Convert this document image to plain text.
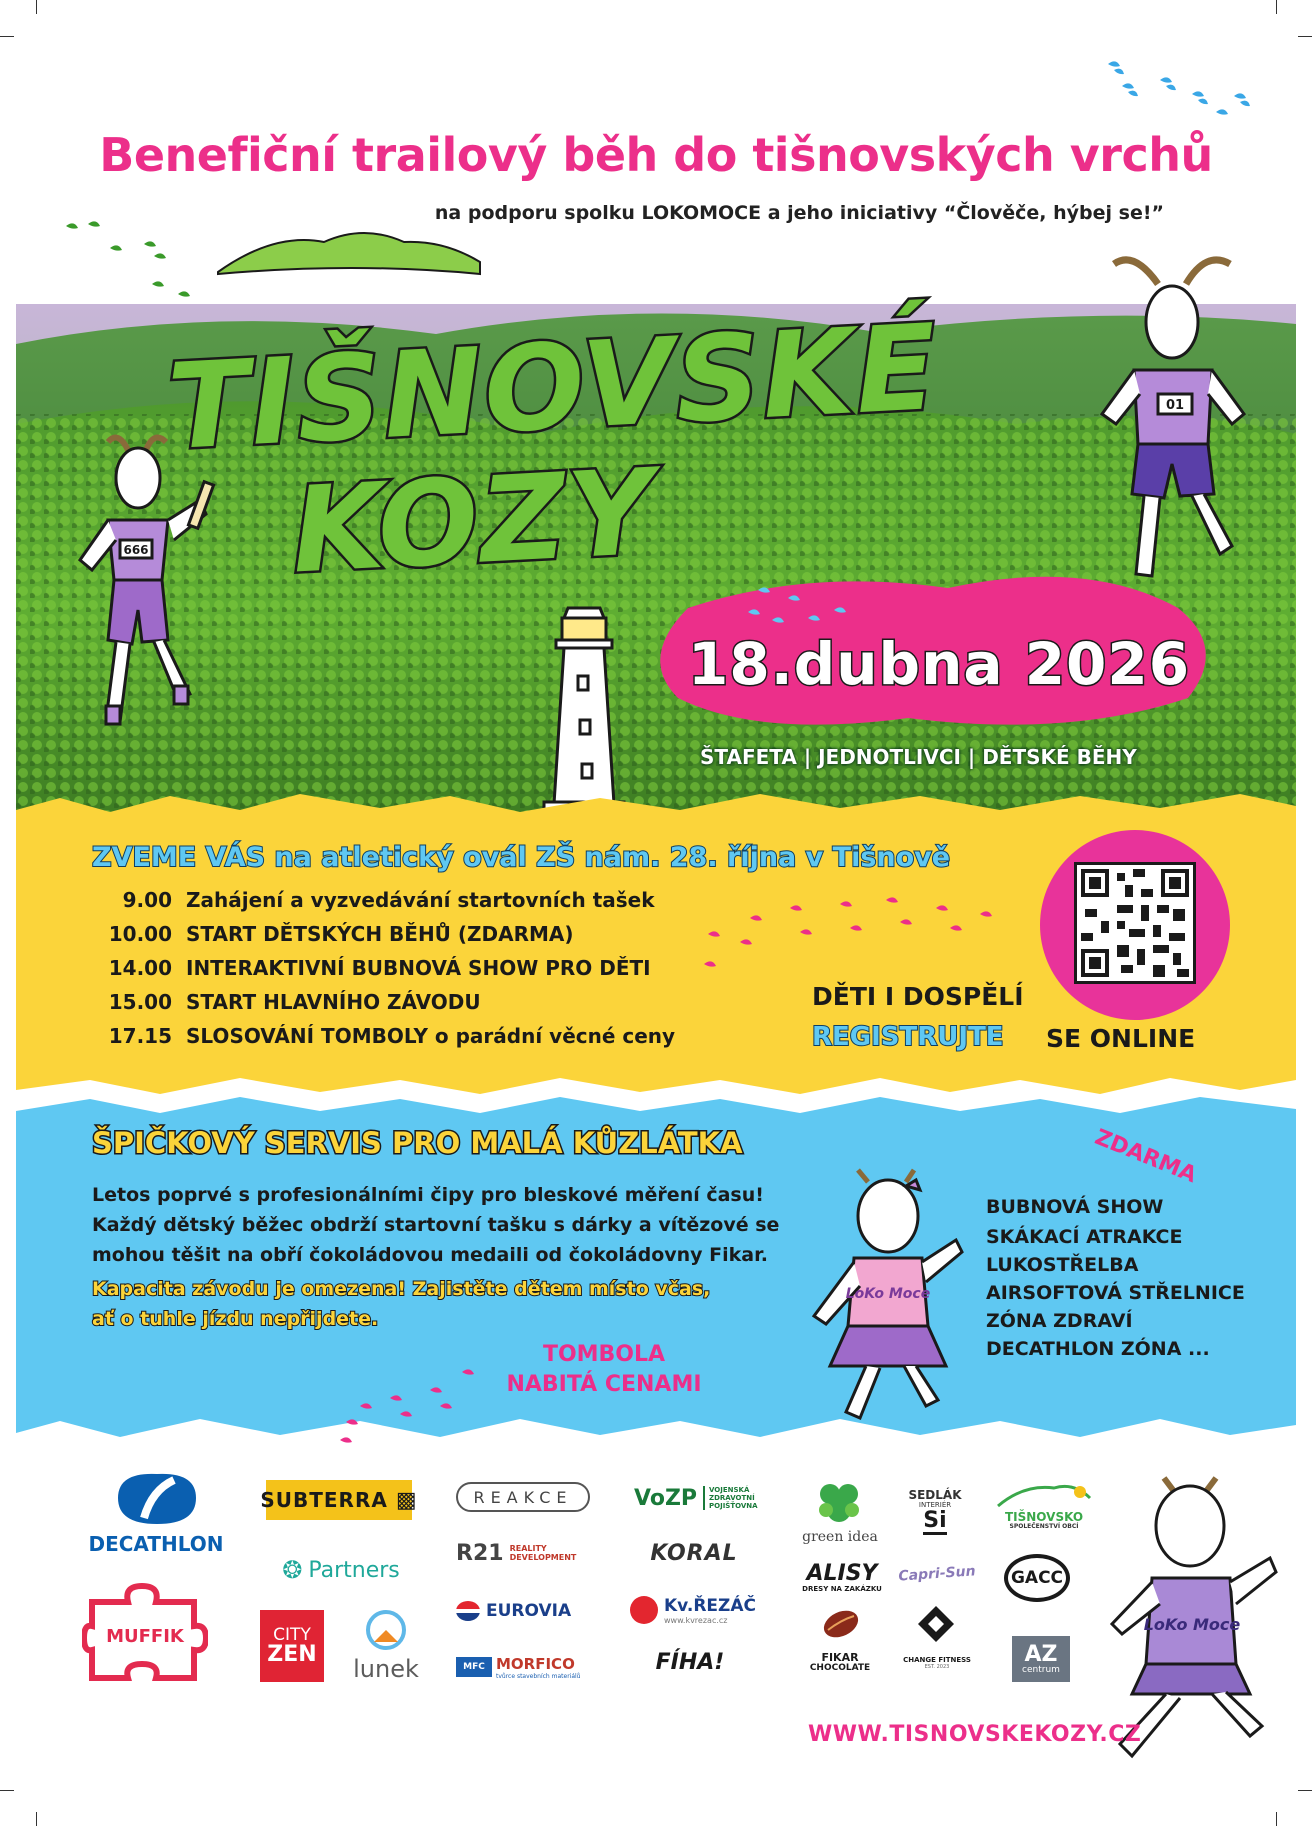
Benefiční trailový běh do tišnovských vrchů
na podporu spolku LOKOMOCE a jeho iniciativy “Člověče, hýbej se!”
TIŠNOVSKÉ
KOZY
666
01
18.dubna 2026
ŠTAFETA | JEDNOTLIVCI | DĚTSKÉ BĚHY
ZVEME VÁS na atletický ovál ZŠ nám. 28. října v Tišnově
9.00 Zahájení a vyzvedávání startovních tašek
10.00 START DĚTSKÝCH BĚHŮ (ZDARMA)
14.00 INTERAKTIVNÍ BUBNOVÁ SHOW PRO DĚTI
15.00 START HLAVNÍHO ZÁVODU
17.15 SLOSOVÁNÍ TOMBOLY o parádní věcné ceny
DĚTI I DOSPĚLÍ
REGISTRUJTE SE ONLINE
ŠPIČKOVÝ SERVIS PRO MALÁ KŮZLÁTKA
Letos poprvé s profesionálními čipy pro bleskové měření času!
Každý dětský běžec obdrží startovní tašku s dárky a vítězové se
mohou těšit na obří čokoládovou medaili od čokoládovny Fikar.
Kapacita závodu je omezena! Zajistěte dětem místo včas,
ať o tuhle jízdu nepřijdete.
TOMBOLA
NABITÁ CENAMI
LoKo Moce
ZDARMA
BUBNOVÁ SHOW
SKÁKACÍ ATRAKCE
LUKOSTŘELBA
AIRSOFTOVÁ STŘELNICE
ZÓNA ZDRAVÍ
DECATHLON ZÓNA ...
DECATHLON
MUFFIK
SUBTERRA ▩
❂ Partners
CITY
ZEN
lunek
REAKCE
R21 REALITY DEVELOPMENT
EUROVIA
MFC MORFICO
tvůrce stavebních materiálů
VoZP	VOJENSKÁ ZDRAVOTNÍ POJIŠŤOVNA
KORAL
Kv.ŘEZÁČ
www.kvrezac.cz
FÍHA!
green idea
ALISY
DRESY NA ZAKÁZKU
FIKAR
CHOCOLATE
SEDLÁK
INTERIÉR
Si
Capri-Sun
CHANGE FITNESS
EST. 2023
TIŠNOVSKO
SPOLEČENSTVÍ OBCÍ
GACC
AZ
centrum
LoKo Moce
WWW.TISNOVSKEKOZY.CZ
